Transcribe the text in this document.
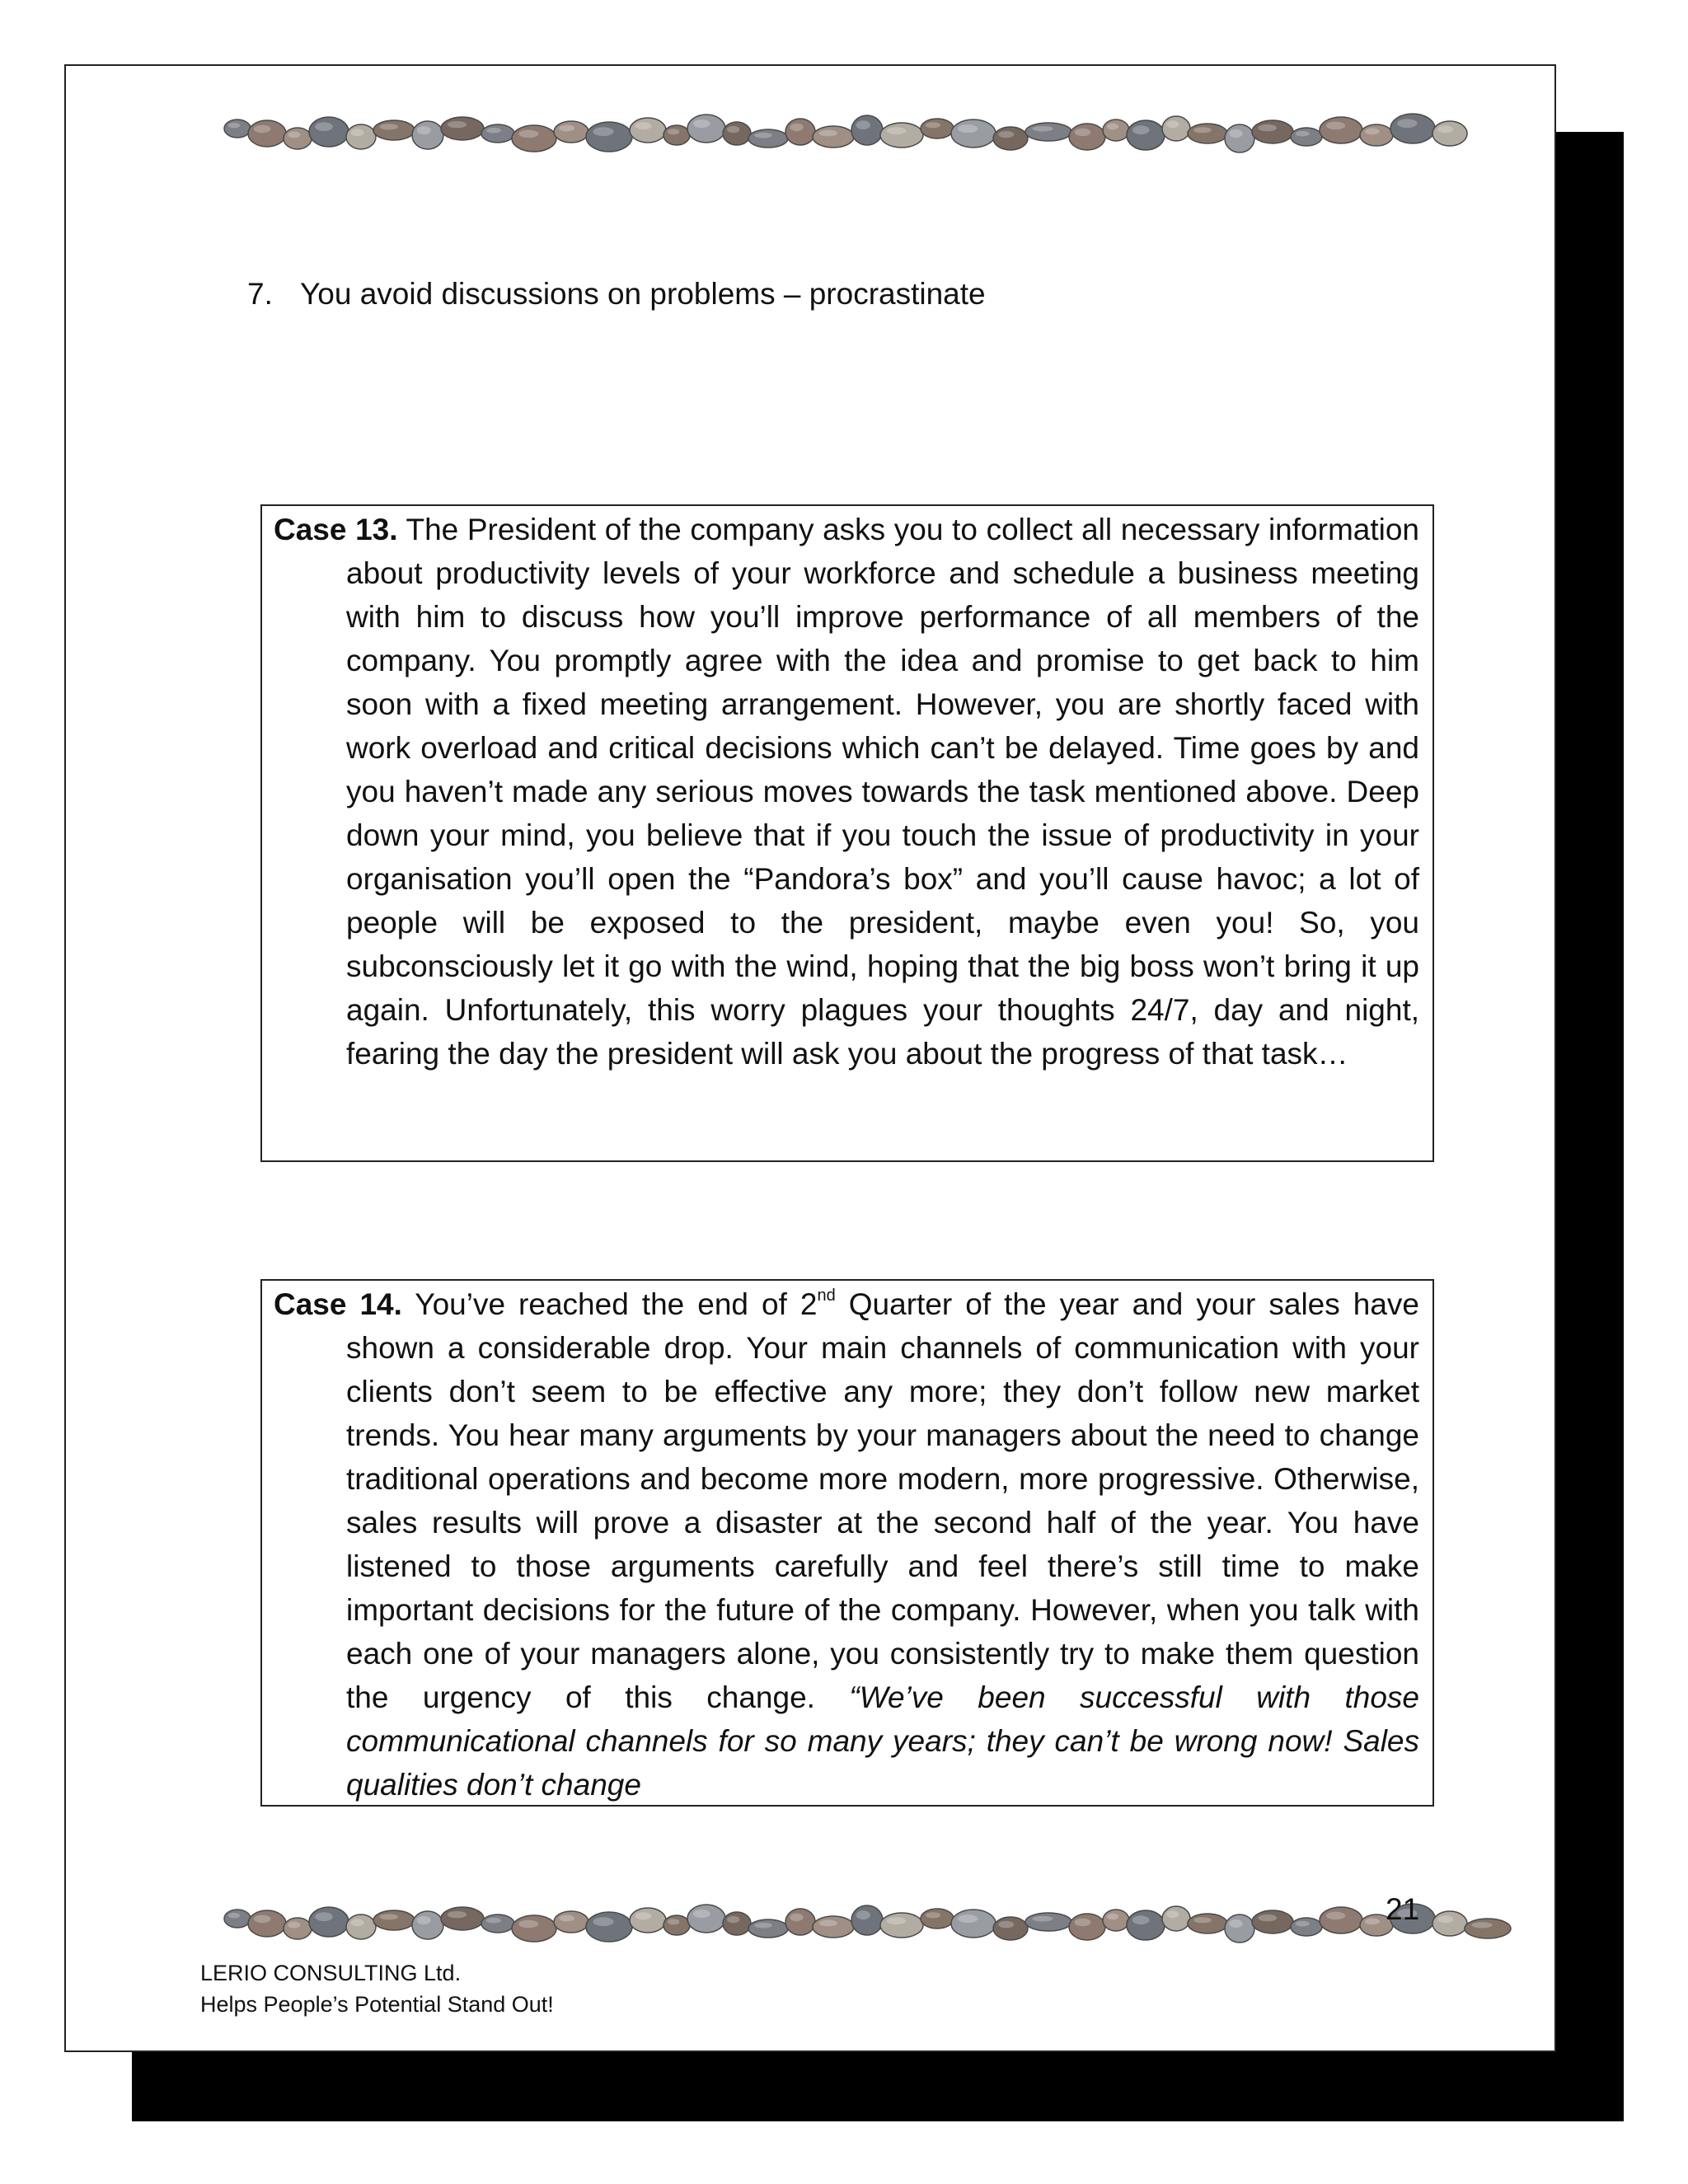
7. You avoid discussions on problems – procrastinate

Case 13. The President of the company asks you to collect all necessary information about productivity levels of your workforce and schedule a business meeting with him to discuss how you’ll improve performance of all members of the company. You promptly agree with the idea and promise to get back to him soon with a fixed meeting arrangement. However, you are shortly faced with work overload and critical decisions which can’t be delayed. Time goes by and you haven’t made any serious moves towards the task mentioned above. Deep down your mind, you believe that if you touch the issue of productivity in your organisation you’ll open the “Pandora’s box” and you’ll cause havoc; a lot of people will be exposed to the president, maybe even you! So, you subconsciously let it go with the wind, hoping that the big boss won’t bring it up again. Unfortunately, this worry plagues your thoughts 24/7, day and night, fearing the day the president will ask you about the progress of that task…

Case 14. You’ve reached the end of 2nd Quarter of the year and your sales have shown a considerable drop. Your main channels of communication with your clients don’t seem to be effective any more; they don’t follow new market trends. You hear many arguments by your managers about the need to change traditional operations and become more modern, more progressive. Otherwise, sales results will prove a disaster at the second half of the year. You have listened to those arguments carefully and feel there’s still time to make important decisions for the future of the company. However, when you talk with each one of your managers alone, you consistently try to make them question the urgency of this change. “We’ve been successful with those communicational channels for so many years; they can’t be wrong now! Sales qualities don’t change

21
LERIO CONSULTING Ltd.
Helps People’s Potential Stand Out!
